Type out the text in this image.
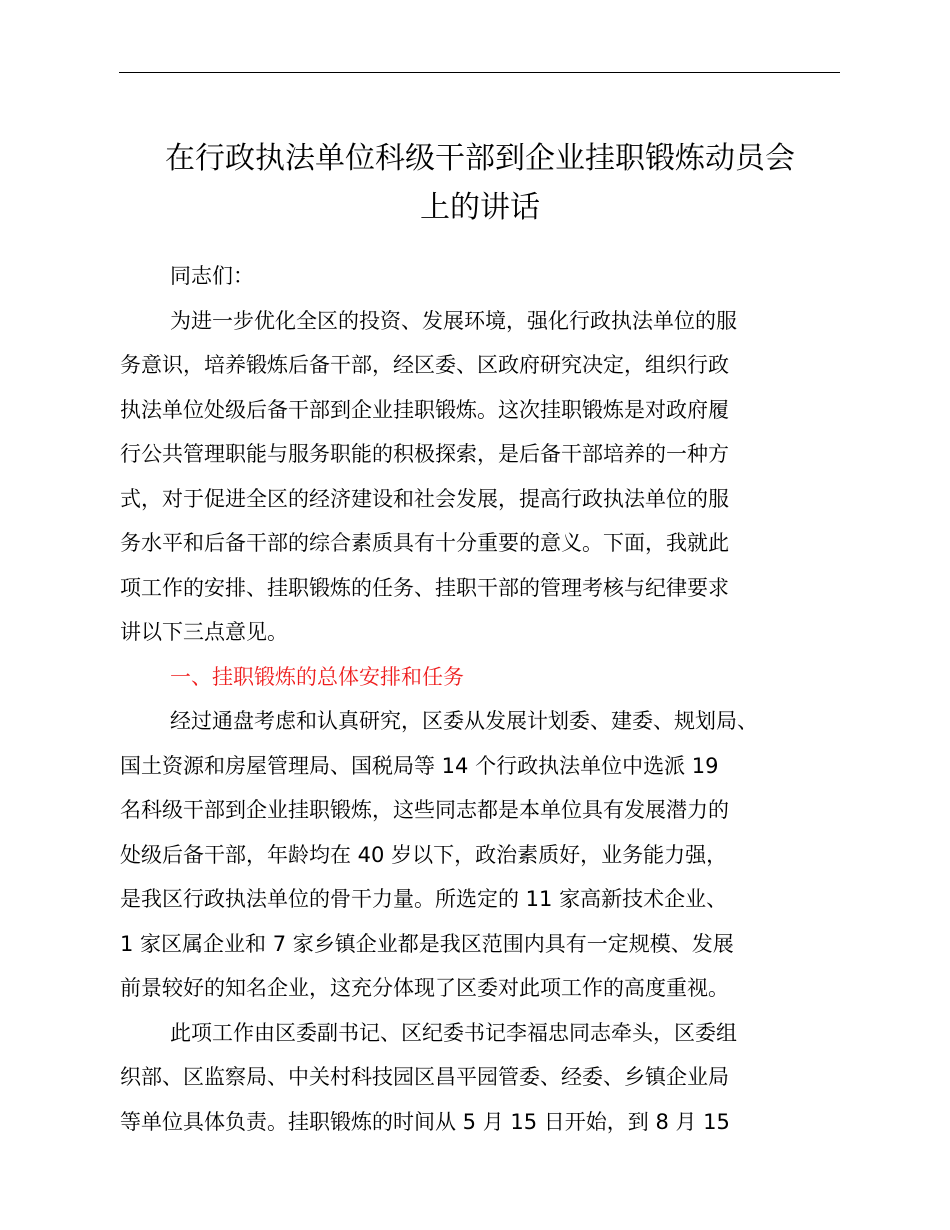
在行政执法单位科级干部到企业挂职锻炼动员会
上的讲话

同志们：

为进一步优化全区的投资、发展环境，强化行政执法单位的服
务意识，培养锻炼后备干部，经区委、区政府研究决定，组织行政
执法单位处级后备干部到企业挂职锻炼。这次挂职锻炼是对政府履
行公共管理职能与服务职能的积极探索，是后备干部培养的一种方
式，对于促进全区的经济建设和社会发展，提高行政执法单位的服
务水平和后备干部的综合素质具有十分重要的意义。下面，我就此
项工作的安排、挂职锻炼的任务、挂职干部的管理考核与纪律要求
讲以下三点意见。

一、挂职锻炼的总体安排和任务

经过通盘考虑和认真研究，区委从发展计划委、建委、规划局、
国土资源和房屋管理局、国税局等 14 个行政执法单位中选派 19
名科级干部到企业挂职锻炼，这些同志都是本单位具有发展潜力的
处级后备干部，年龄均在 40 岁以下，政治素质好，业务能力强，
是我区行政执法单位的骨干力量。所选定的 11 家高新技术企业、
1 家区属企业和 7 家乡镇企业都是我区范围内具有一定规模、发展
前景较好的知名企业，这充分体现了区委对此项工作的高度重视。

此项工作由区委副书记、区纪委书记李福忠同志牵头，区委组
织部、区监察局、中关村科技园区昌平园管委、经委、乡镇企业局
等单位具体负责。挂职锻炼的时间从 5 月 15 日开始，到 8 月 15
